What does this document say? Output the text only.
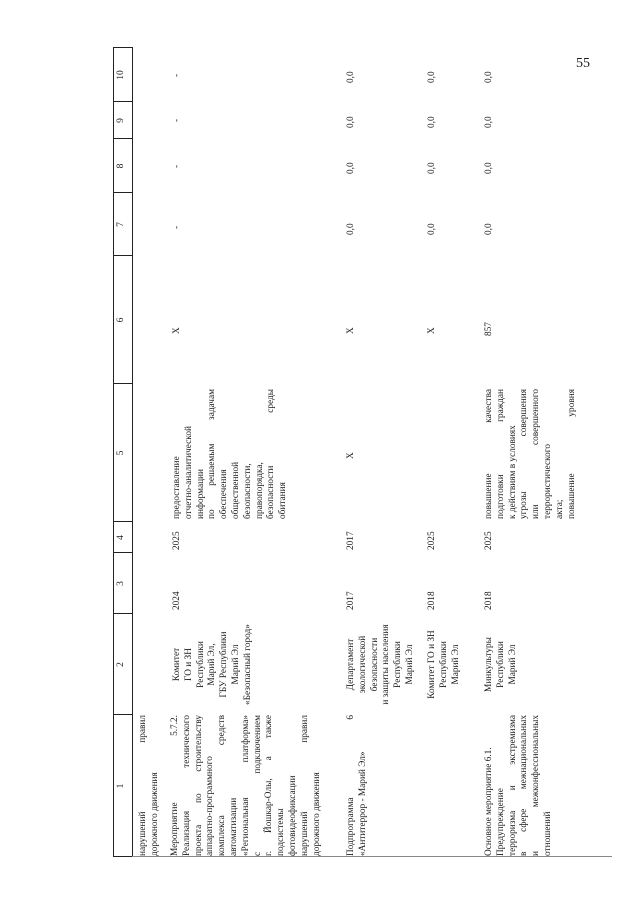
55
1
2
3
4
5
6
7
8
9
10
нарушений правил дорожного движения Мероприятие 5.7.2. Реализация технического проекта по строительству аппаратно-программного комплекса средств автоматизации «Региональная платформа» с подключением г. Йошкар-Олы, а также подсистемы фотовидеофиксации нарушений правил дорожного движения
Комитет ГО и ЗН Республики Марий Эл, ГБУ Республики Марий Эл «Безопасный город»
2024
2025
предоставление отчетно-аналитической информации по решаемым задачам обеспечения общественной безопасности, правопорядка, безопасности среды обитания
X
-
-
-
-
Подпрограмма 6 «Антитеррор - Марий Эл»
Департамент экологической безопасности и защиты населения Республики Марий Эл
2017
2017
X
X
0,0
0,0
0,0
0,0
Комитет ГО и ЗН Республики Марий Эл
2018
2025
X
0,0
0,0
0,0
0,0
Основное мероприятие 6.1. Предупреждение терроризма и экстремизма в сфере межнациональных и межконфессиональных отношений
Минкультуры Республики Марий Эл
2018
2025
повышение качества подготовки граждан к действиям в условиях угрозы совершения или совершенного террористического акта; повышение уровня
857
0,0
0,0
0,0
0,0
